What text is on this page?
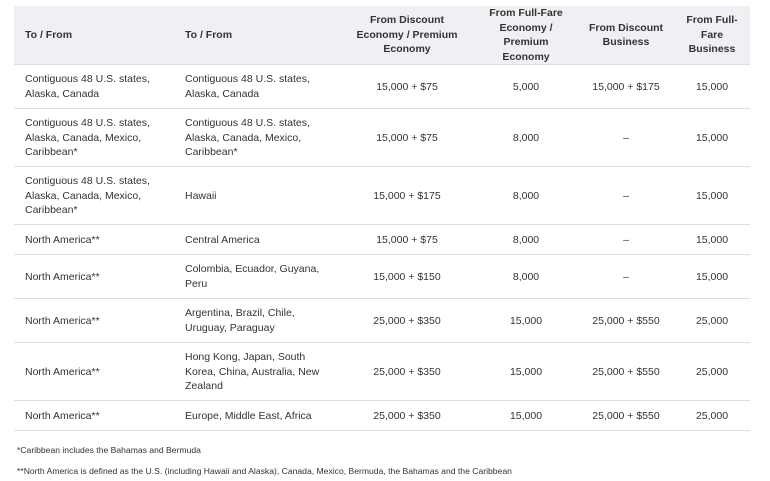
To / From	To / From	From Discount Economy / Premium Economy	From Full-Fare Economy / Premium Economy	From Discount Business	From Full-Fare Business
Contiguous 48 U.S. states, Alaska, Canada	Contiguous 48 U.S. states, Alaska, Canada	15,000 + $75	5,000	15,000 + $175	15,000
Contiguous 48 U.S. states, Alaska, Canada, Mexico, Caribbean*	Contiguous 48 U.S. states, Alaska, Canada, Mexico, Caribbean*	15,000 + $75	8,000	–	15,000
Contiguous 48 U.S. states, Alaska, Canada, Mexico, Caribbean*	Hawaii	15,000 + $175	8,000	–	15,000
North America**	Central America	15,000 + $75	8,000	–	15,000
North America**	Colombia, Ecuador, Guyana, Peru	15,000 + $150	8,000	–	15,000
North America**	Argentina, Brazil, Chile, Uruguay, Paraguay	25,000 + $350	15,000	25,000 + $550	25,000
North America**	Hong Kong, Japan, South Korea, China, Australia, New Zealand	25,000 + $350	15,000	25,000 + $550	25,000
North America**	Europe, Middle East, Africa	25,000 + $350	15,000	25,000 + $550	25,000
*Caribbean includes the Bahamas and Bermuda
**North America is defined as the U.S. (including Hawaii and Alaska), Canada, Mexico, Bermuda, the Bahamas and the Caribbean
